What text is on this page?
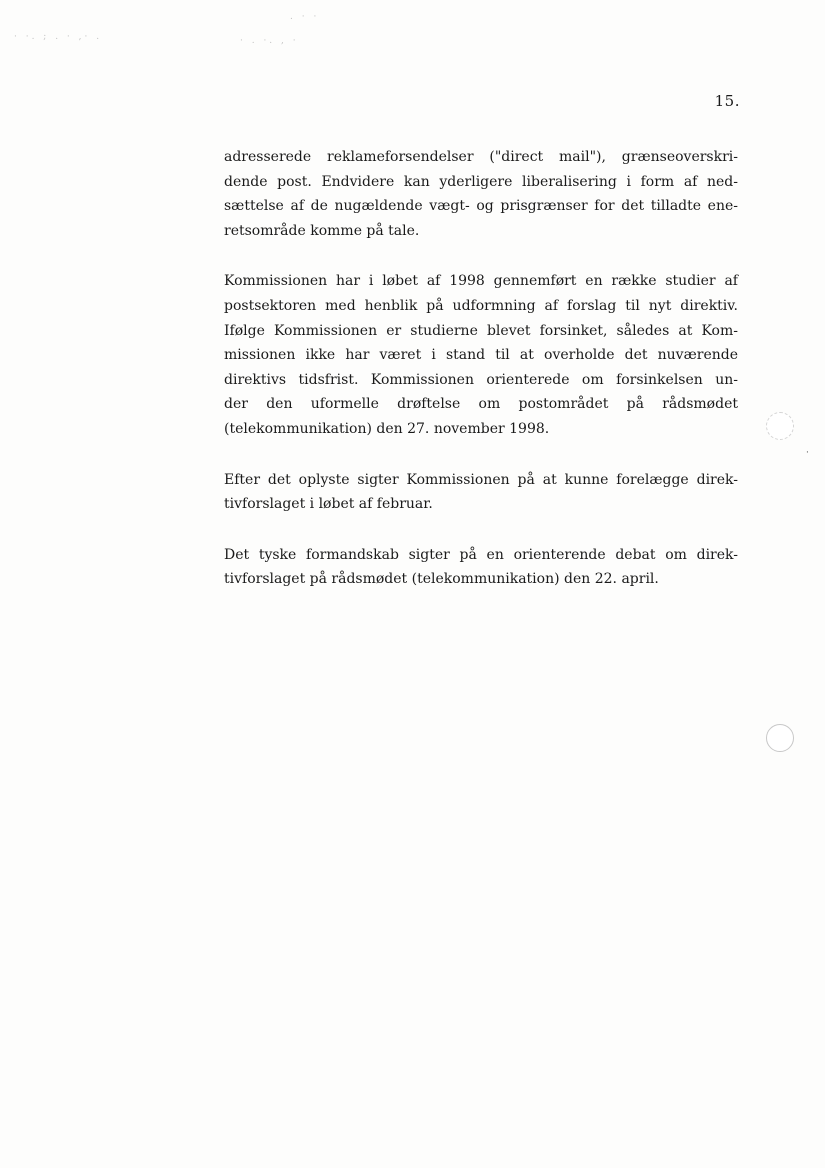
· ·. ; . · ,· .	· . ·. , ·
. · ·
·
15.

adresserede reklameforsendelser ("direct mail"), grænseoverskri-
dende post. Endvidere kan yderligere liberalisering i form af ned-
sættelse af de nugældende vægt- og prisgrænser for det tilladte ene-
retsområde komme på tale.

Kommissionen har i løbet af 1998 gennemført en række studier af
postsektoren med henblik på udformning af forslag til nyt direktiv.
Ifølge Kommissionen er studierne blevet forsinket, således at Kom-
missionen ikke har været i stand til at overholde det nuværende
direktivs tidsfrist. Kommissionen orienterede om forsinkelsen un-
der den uformelle drøftelse om postområdet på rådsmødet
(telekommunikation) den 27. november 1998.

Efter det oplyste sigter Kommissionen på at kunne forelægge direk-
tivforslaget i løbet af februar.

Det tyske formandskab sigter på en orienterende debat om direk-
tivforslaget på rådsmødet (telekommunikation) den 22. april.
